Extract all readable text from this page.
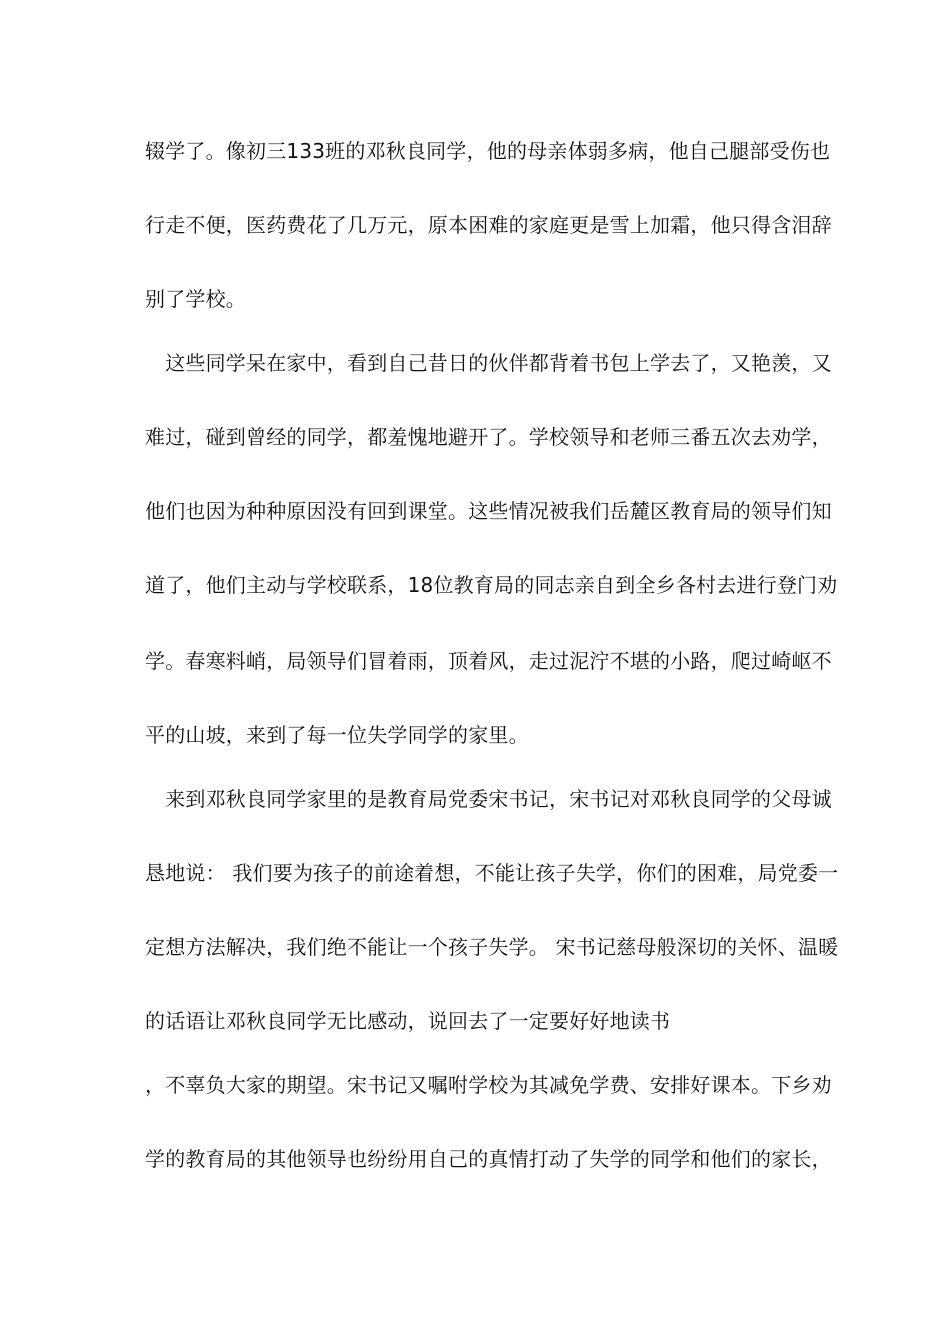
辍学了。像初三133班的邓秋良同学，他的母亲体弱多病，他自己腿部受伤也
行走不便，医药费花了几万元，原本困难的家庭更是雪上加霜，他只得含泪辞
别了学校。
　这些同学呆在家中，看到自己昔日的伙伴都背着书包上学去了，又艳羡，又
难过，碰到曾经的同学，都羞愧地避开了。学校领导和老师三番五次去劝学，
他们也因为种种原因没有回到课堂。这些情况被我们岳麓区教育局的领导们知
道了，他们主动与学校联系，18位教育局的同志亲自到全乡各村去进行登门劝
学。春寒料峭，局领导们冒着雨，顶着风，走过泥泞不堪的小路，爬过崎岖不
平的山坡，来到了每一位失学同学的家里。
　来到邓秋良同学家里的是教育局党委宋书记，宋书记对邓秋良同学的父母诚
恳地说： 我们要为孩子的前途着想，不能让孩子失学，你们的困难，局党委一
定想方法解决，我们绝不能让一个孩子失学。 宋书记慈母般深切的关怀、温暖
的话语让邓秋良同学无比感动，说回去了一定要好好地读书
，不辜负大家的期望。宋书记又嘱咐学校为其减免学费、安排好课本。下乡劝
学的教育局的其他领导也纷纷用自己的真情打动了失学的同学和他们的家长，
